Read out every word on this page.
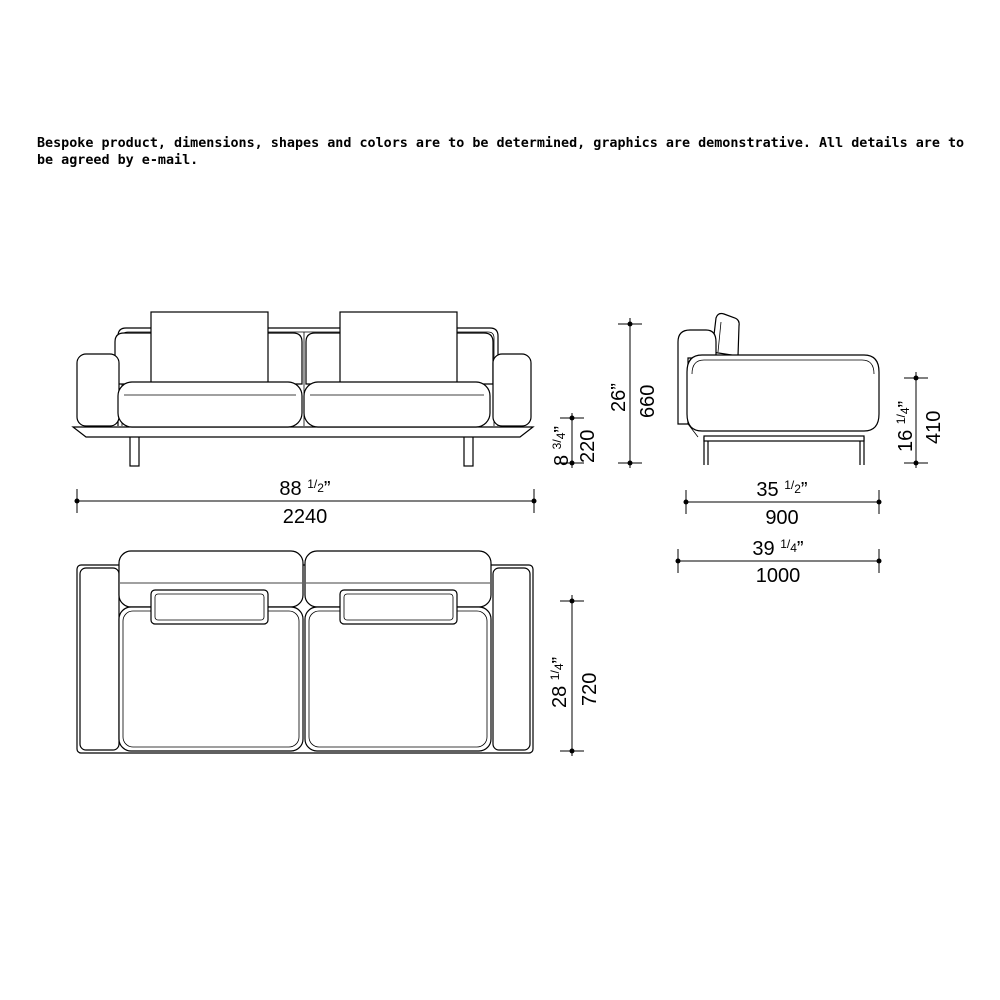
Bespoke product, dimensions, shapes and colors are to be determined, graphics are demonstrative. All details are to be agreed by e-mail.

88 $^1/_2$”
2240
8 $^3/_4$”
220
26” 660
16 $^1/_4$”
410
35 $^1/_2$”
900
39 $^1/_4$”
1000
28 $^1/_4$”
720
